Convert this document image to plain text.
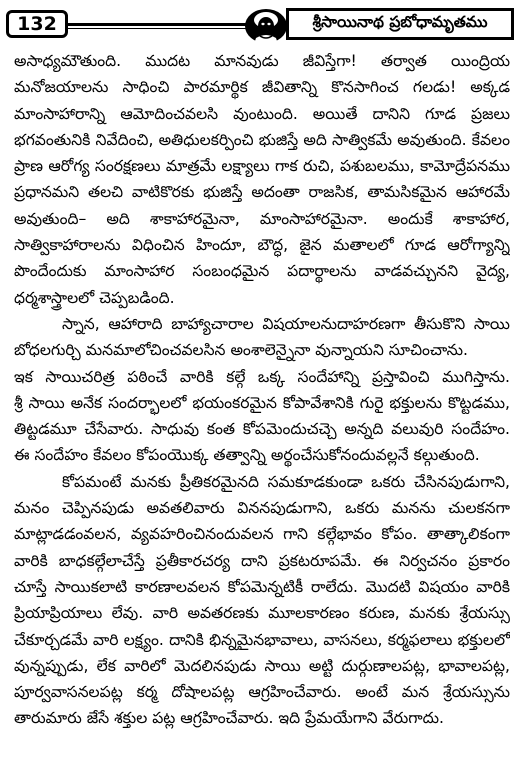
132	శ్రీసాయినాథ ప్రబోధామృతము
అసాధ్యమౌతుంది. ముదట మానవుడు జీవిస్తేగా! తర్వాత యింద్రియ
మనోజయాలను సాధించి పారమార్థిక జీవితాన్ని కొనసాగించ గలడు! అక్కడ
మాంసాహారాన్ని ఆమోదించవలసి వుంటుంది. అయితే దానిని గూడ ప్రజలు
భగవంతునికి నివేదించి, అతిధులకర్పించి భుజిస్తే అది సాత్వికమే అవుతుంది. కేవలం
ప్రాణ ఆరోగ్య సంరక్షణలు మాత్రమే లక్ష్యాలు గాక రుచి, పశుబలము, కామోద్రేపనము
ప్రధానమని తలచి వాటికొరకు భుజిస్తే అదంతా రాజసిక, తామసికమైన ఆహారమే
అవుతుంది– అది శాకాహారమైనా, మాంసాహారమైనా. అందుకే శాకాహార,
సాత్వికాహారాలను విధించిన హిందూ, బౌద్ధ, జైన మతాలలో గూడ ఆరోగ్యాన్ని
పొందేందుకు మాంసాహార సంబంధమైన పదార్థాలను వాడవచ్చునని వైద్య,
ధర్మశాస్త్రాలలో చెప్పబడింది.
స్నాన, ఆహారాది బాహ్యాచారాల విషయాలనుదాహరణగా తీసుకొని సాయి
బోధలగుర్చి మనమాలోచించవలసిన అంశాలెన్నైనా వున్నాయని సూచించాను.
ఇక సాయిచరిత్ర పఠించే వారికి కల్గే ఒక్క సందేహాన్ని ప్రస్తావించి ముగిస్తాను.
శ్రీ సాయి అనేక సందర్భాలలో భయంకరమైన కోపావేశానికి గురై భక్తులను కొట్టడము,
తిట్టడమూ చేసేవారు. సాధువు కంత కోపమెందుచచ్చె అన్నది వలువురి సందేహం.
ఈ సందేహం కేవలం కోపంయొక్క తత్వాన్ని అర్థంచేసుకోనందువల్లనే కల్గుతుంది.
కోపమంటే మనకు ప్రీతికరమైనది సమకూడకుండా ఒకరు చేసినపుడుగాని,
మనం చెప్పినపుడు అవతలివారు విననపుడుగాని, ఒకరు మనను చులకనగా
మాట్లాడడంవలన, వ్యవహరించినందువలన గాని కల్గేభావం కోపం. తాత్కాలికంగా
వారికి బాధకల్గేలాచేస్తే ప్రతీకారచర్య దాని ప్రకటరూపమే. ఈ నిర్వచనం ప్రకారం
చూస్తే సాయికలాటి కారణాలవలన కోపమెన్నటికీ రాలేదు. మొదటి విషయం వారికి
ప్రియాప్రియాలు లేవు. వారి అవతరణకు మూలకారణం కరుణ, మనకు శ్రేయస్సు
చేకూర్చడమే వారి లక్ష్యం. దానికి భిన్నమైనభావాలు, వాసనలు, కర్మఫలాలు భక్తులలో
వున్నప్పుడు, లేక వారిలో మెదలినపుడు సాయి అట్టి దుర్గుణాలపట్ల, భావాలపట్ల,
పూర్వవాసనలపట్ల కర్మ దోషాలపట్ల ఆగ్రహించేవారు. అంటే మన శ్రేయస్సును
తారుమారు జేసే శక్తుల పట్ల ఆగ్రహించేవారు. ఇది ప్రేమయేగాని వేరుగాదు.
